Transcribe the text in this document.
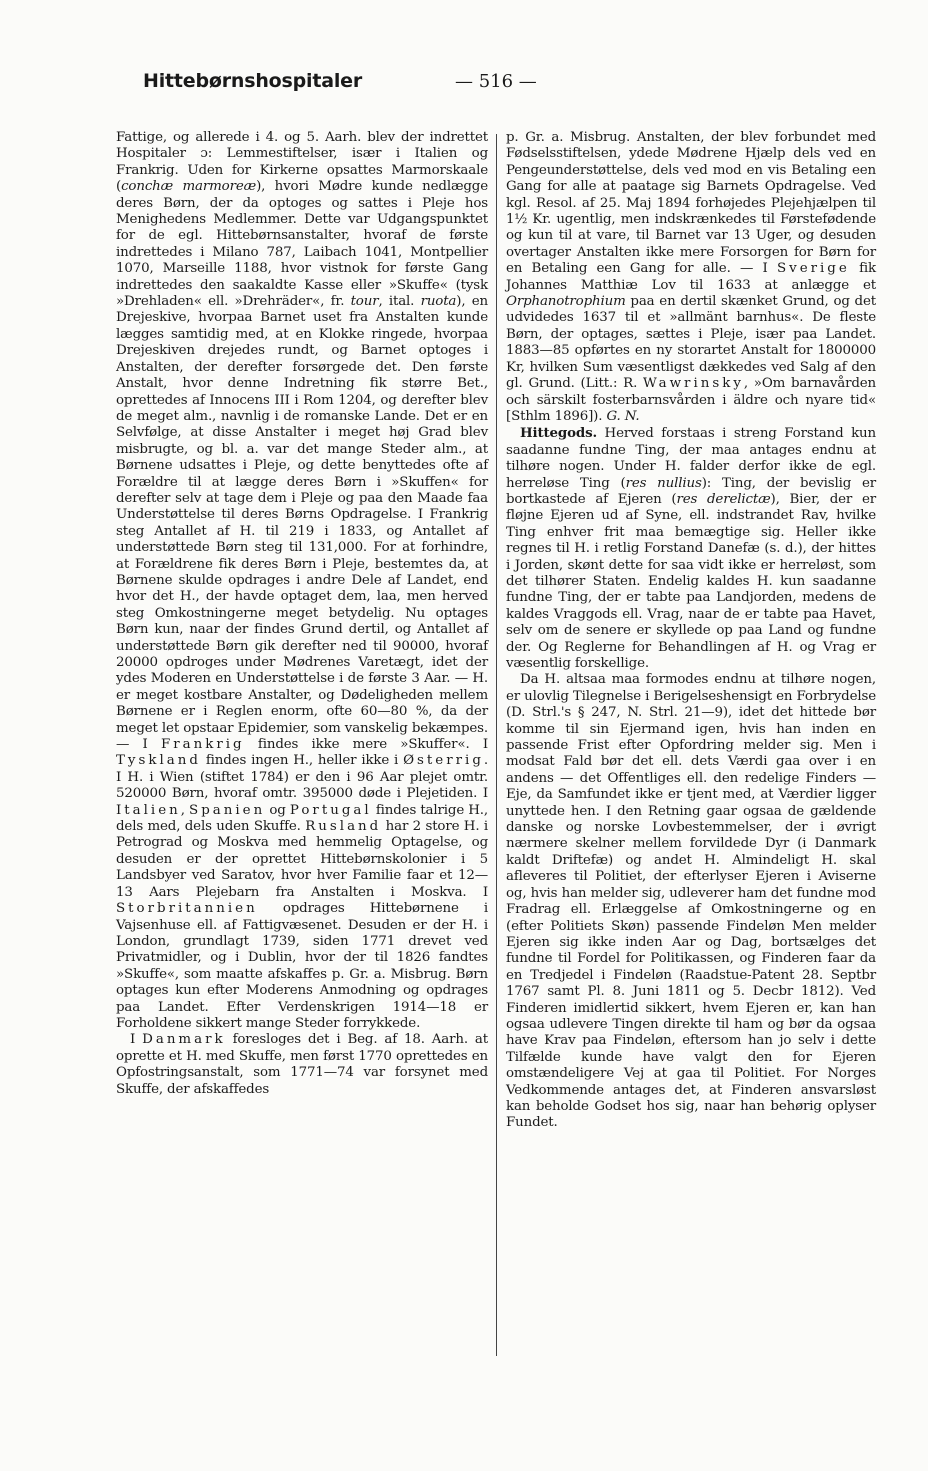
Hittebørnshospitaler	— 516 —

Fattige, og allerede i 4. og 5. Aarh. blev der indrettet Hospitaler ɔ: Lemmestiftelser, især i Italien og Frankrig. Uden for Kirkerne opsattes Marmorskaale (conchæ marmoreæ), hvori Mødre kunde nedlægge deres Børn, der da optoges og sattes i Pleje hos Menighedens Medlemmer. Dette var Udgangspunktet for de egl. Hittebørnsanstalter, hvoraf de første indrettedes i Milano 787, Laibach 1041, Montpellier 1070, Marseille 1188, hvor vistnok for første Gang indrettedes den saakaldte Kasse eller »Skuffe« (tysk »Drehladen« ell. »Drehräder«, fr. tour, ital. ruota), en Drejeskive, hvorpaa Barnet uset fra Anstalten kunde lægges samtidig med, at en Klokke ringede, hvorpaa Drejeskiven drejedes rundt, og Barnet optoges i Anstalten, der derefter forsørgede det. Den første Anstalt, hvor denne Indretning fik større Bet., oprettedes af Innocens III i Rom 1204, og derefter blev de meget alm., navnlig i de romanske Lande. Det er en Selvfølge, at disse Anstalter i meget høj Grad blev misbrugte, og bl. a. var det mange Steder alm., at Børnene udsattes i Pleje, og dette benyttedes ofte af Forældre til at lægge deres Børn i »Skuffen« for derefter selv at tage dem i Pleje og paa den Maade faa Understøttelse til deres Børns Opdragelse. I Frankrig steg Antallet af H. til 219 i 1833, og Antallet af understøttede Børn steg til 131,000. For at forhindre, at Forældrene fik deres Børn i Pleje, bestemtes da, at Børnene skulde opdrages i andre Dele af Landet, end hvor det H., der havde optaget dem, laa, men herved steg Omkostningerne meget betydelig. Nu optages Børn kun, naar der findes Grund dertil, og Antallet af understøttede Børn gik derefter ned til 90000, hvoraf 20000 opdroges under Mødrenes Varetægt, idet der ydes Moderen en Understøttelse i de første 3 Aar. — H. er meget kostbare Anstalter, og Dødeligheden mellem Børnene er i Reglen enorm, ofte 60—80 %, da der meget let opstaar Epidemier, som vanskelig bekæmpes. — I Frankrig findes ikke mere »Skuffer«. I Tyskland findes ingen H., heller ikke i Østerrig. I H. i Wien (stiftet 1784) er den i 96 Aar plejet omtr. 520000 Børn, hvoraf omtr. 395000 døde i Plejetiden. I Italien, Spanien og Portugal findes talrige H., dels med, dels uden Skuffe. Rusland har 2 store H. i Petrograd og Moskva med hemmelig Optagelse, og desuden er der oprettet Hittebørnskolonier i 5 Landsbyer ved Saratov, hvor hver Familie faar et 12—13 Aars Plejebarn fra Anstalten i Moskva. I Storbritannien opdrages Hittebørnene i Vajsenhuse ell. af Fattigvæsenet. Desuden er der H. i London, grundlagt 1739, siden 1771 drevet ved Privatmidler, og i Dublin, hvor der til 1826 fandtes »Skuffe«, som maatte afskaffes p. Gr. a. Misbrug. Børn optages kun efter Moderens Anmodning og opdrages paa Landet. Efter Verdenskrigen 1914—18 er Forholdene sikkert mange Steder forrykkede.

I Danmark foresloges det i Beg. af 18. Aarh. at oprette et H. med Skuffe, men først 1770 oprettedes en Opfostringsanstalt, som 1771—74 var forsynet med Skuffe, der afskaffedes

p. Gr. a. Misbrug. Anstalten, der blev forbundet med Fødselsstiftelsen, ydede Mødrene Hjælp dels ved en Pengeunderstøttelse, dels ved mod en vis Betaling een Gang for alle at paatage sig Barnets Opdragelse. Ved kgl. Resol. af 25. Maj 1894 forhøjedes Plejehjælpen til 1½ Kr. ugentlig, men indskrænkedes til Førstefødende og kun til at vare, til Barnet var 13 Uger, og desuden overtager Anstalten ikke mere Forsorgen for Børn for en Betaling een Gang for alle. — I Sverige fik Johannes Matthiæ Lov til 1633 at anlægge et Orphanotrophium paa en dertil skænket Grund, og det udvidedes 1637 til et »allmänt barnhus«. De fleste Børn, der optages, sættes i Pleje, især paa Landet. 1883—85 opførtes en ny storartet Anstalt for 1800000 Kr, hvilken Sum væsentligst dækkedes ved Salg af den gl. Grund. (Litt.: R. Wawrinsky, »Om barnavården och särskilt fosterbarnsvården i äldre och nyare tid« [Sthlm 1896]). G. N.

Hittegods. Herved forstaas i streng Forstand kun saadanne fundne Ting, der maa antages endnu at tilhøre nogen. Under H. falder derfor ikke de egl. herreløse Ting (res nullius): Ting, der bevislig er bortkastede af Ejeren (res derelictæ), Bier, der er fløjne Ejeren ud af Syne, ell. indstrandet Rav, hvilke Ting enhver frit maa bemægtige sig. Heller ikke regnes til H. i retlig Forstand Danefæ (s. d.), der hittes i Jorden, skønt dette for saa vidt ikke er herreløst, som det tilhører Staten. Endelig kaldes H. kun saadanne fundne Ting, der er tabte paa Landjorden, medens de kaldes Vraggods ell. Vrag, naar de er tabte paa Havet, selv om de senere er skyllede op paa Land og fundne der. Og Reglerne for Behandlingen af H. og Vrag er væsentlig forskellige.

Da H. altsaa maa formodes endnu at tilhøre nogen, er ulovlig Tilegnelse i Berigelseshensigt en Forbrydelse (D. Strl.'s § 247, N. Strl. 21—9), idet det hittede bør komme til sin Ejermand igen, hvis han inden en passende Frist efter Opfordring melder sig. Men i modsat Fald bør det ell. dets Værdi gaa over i en andens — det Offentliges ell. den redelige Finders — Eje, da Samfundet ikke er tjent med, at Værdier ligger unyttede hen. I den Retning gaar ogsaa de gældende danske og norske Lovbestemmelser, der i øvrigt nærmere skelner mellem forvildede Dyr (i Danmark kaldt Driftefæ) og andet H. Almindeligt H. skal afleveres til Politiet, der efterlyser Ejeren i Aviserne og, hvis han melder sig, udleverer ham det fundne mod Fradrag ell. Erlæggelse af Omkostningerne og en (efter Politiets Skøn) passende Findeløn Men melder Ejeren sig ikke inden Aar og Dag, bortsælges det fundne til Fordel for Politikassen, og Finderen faar da en Tredjedel i Findeløn (Raadstue-Patent 28. Septbr 1767 samt Pl. 8. Juni 1811 og 5. Decbr 1812). Ved Finderen imidlertid sikkert, hvem Ejeren er, kan han ogsaa udlevere Tingen direkte til ham og bør da ogsaa have Krav paa Findeløn, eftersom han jo selv i dette Tilfælde kunde have valgt den for Ejeren omstændeligere Vej at gaa til Politiet. For Norges Vedkommende antages det, at Finderen ansvarsløst kan beholde Godset hos sig, naar han behørig oplyser Fundet.
